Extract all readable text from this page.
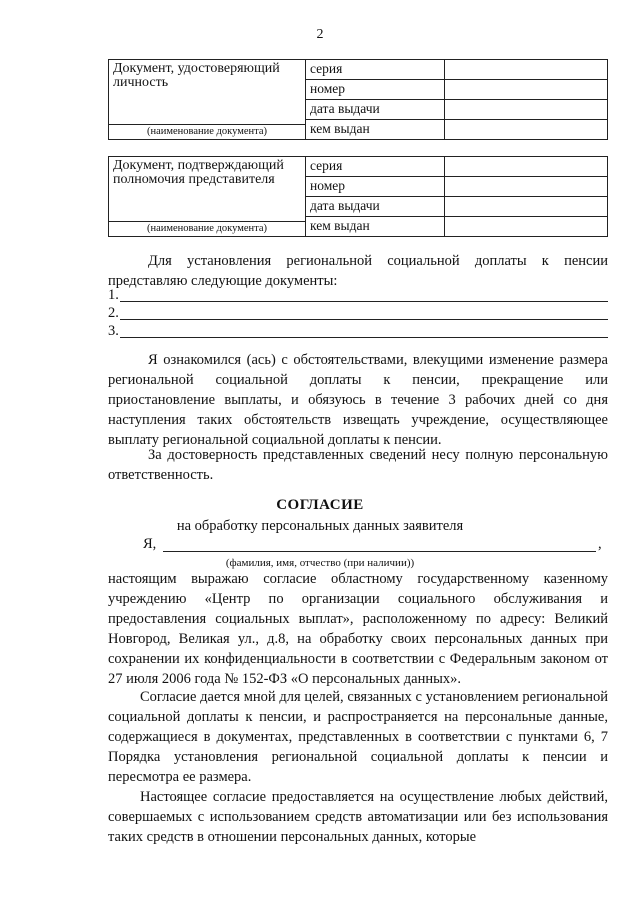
2
Документ, удостоверяющий личность
(наименование документа)	серия	
	номер	
	дата выдачи	
	кем выдан	
Документ, подтверждающий полномочия представителя
(наименование документа)	серия	
	номер	
	дата выдачи	
	кем выдан	

Для установления региональной социальной доплаты к пенсии представляю следующие документы:

1.
2.
3.

Я ознакомился (ась) с обстоятельствами, влекущими изменение размера региональной социальной доплаты к пенсии, прекращение или приостановление выплаты, и обязуюсь в течение 3 рабочих дней со дня наступления таких обстоятельств извещать учреждение, осуществляющее выплату региональной социальной доплаты к пенсии.

За достоверность представленных сведений несу полную персональную ответственность.

СОГЛАСИЕ
на обработку персональных данных заявителя
Я,	,
(фамилия, имя, отчество (при наличии))

настоящим выражаю согласие областному государственному казенному учреждению «Центр по организации социального обслуживания и предоставления социальных выплат», расположенному по адресу: Великий Новгород, Великая ул., д.8, на обработку своих персональных данных при сохранении их конфиденциальности в соответствии с Федеральным законом от 27 июля 2006 года № 152-ФЗ «О персональных данных».

Согласие дается мной для целей, связанных с установлением региональной социальной доплаты к пенсии, и распространяется на персональные данные, содержащиеся в документах, представленных в соответствии с пунктами 6, 7 Порядка установления региональной социальной доплаты к пенсии и пересмотра ее размера.

Настоящее согласие предоставляется на осуществление любых действий, совершаемых с использованием средств автоматизации или без использования таких средств в отношении персональных данных, которые
